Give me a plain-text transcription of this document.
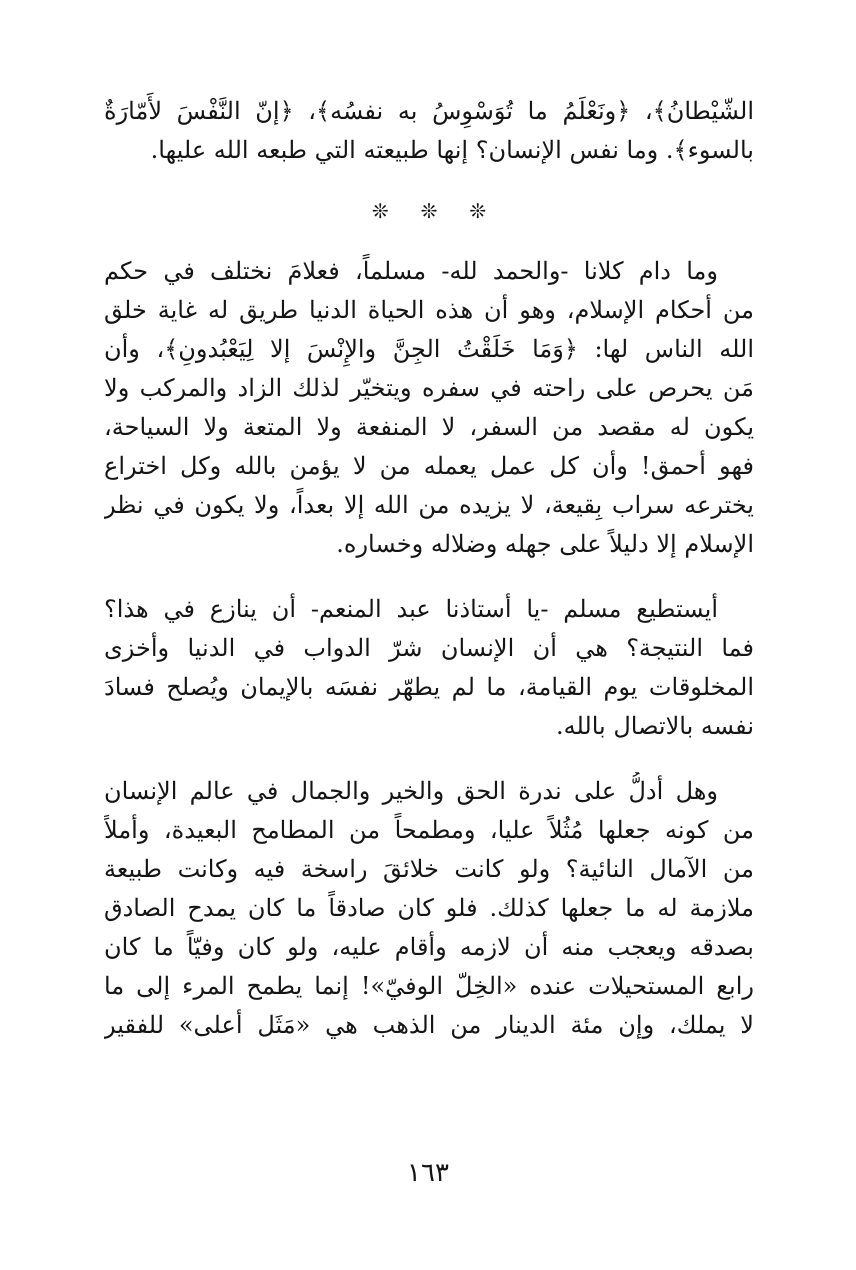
الشّيْطانُ﴾، ﴿ونَعْلَمُ ما تُوَسْوِسُ به نفسُه﴾، ﴿إنّ النَّفْسَ لأَمّارَةٌ
بالسوء﴾. وما نفس الإنسان؟ إنها طبيعته التي طبعه الله عليها.
❊❊❊
وما دام كلانا -والحمد لله- مسلماً، فعلامَ نختلف في حكم
من أحكام الإسلام، وهو أن هذه الحياة الدنيا طريق له غاية خلق
الله الناس لها: ﴿وَمَا خَلَقْتُ الجِنَّ والإِنْسَ إلا لِيَعْبُدونِ﴾، وأن
مَن يحرص على راحته في سفره ويتخيّر لذلك الزاد والمركب ولا
يكون له مقصد من السفر، لا المنفعة ولا المتعة ولا السياحة،
فهو أحمق! وأن كل عمل يعمله من لا يؤمن بالله وكل اختراع
يخترعه سراب بِقيعة، لا يزيده من الله إلا بعداً، ولا يكون في نظر
الإسلام إلا دليلاً على جهله وضلاله وخساره.
أيستطيع مسلم -يا أستاذنا عبد المنعم- أن ينازع في هذا؟
فما النتيجة؟ هي أن الإنسان شرّ الدواب في الدنيا وأخزى
المخلوقات يوم القيامة، ما لم يطهّر نفسَه بالإيمان ويُصلح فسادَ
نفسه بالاتصال بالله.
وهل أدلُّ على ندرة الحق والخير والجمال في عالم الإنسان
من كونه جعلها مُثُلاً عليا، ومطمحاً من المطامح البعيدة، وأملاً
من الآمال النائية؟ ولو كانت خلائقَ راسخة فيه وكانت طبيعة
ملازمة له ما جعلها كذلك. فلو كان صادقاً ما كان يمدح الصادق
بصدقه ويعجب منه أن لازمه وأقام عليه، ولو كان وفيّاً ما كان
رابع المستحيلات عنده «الخِلّ الوفيّ»! إنما يطمح المرء إلى ما
لا يملك، وإن مئة الدينار من الذهب هي «مَثَل أعلى» للفقير
١٦٣
